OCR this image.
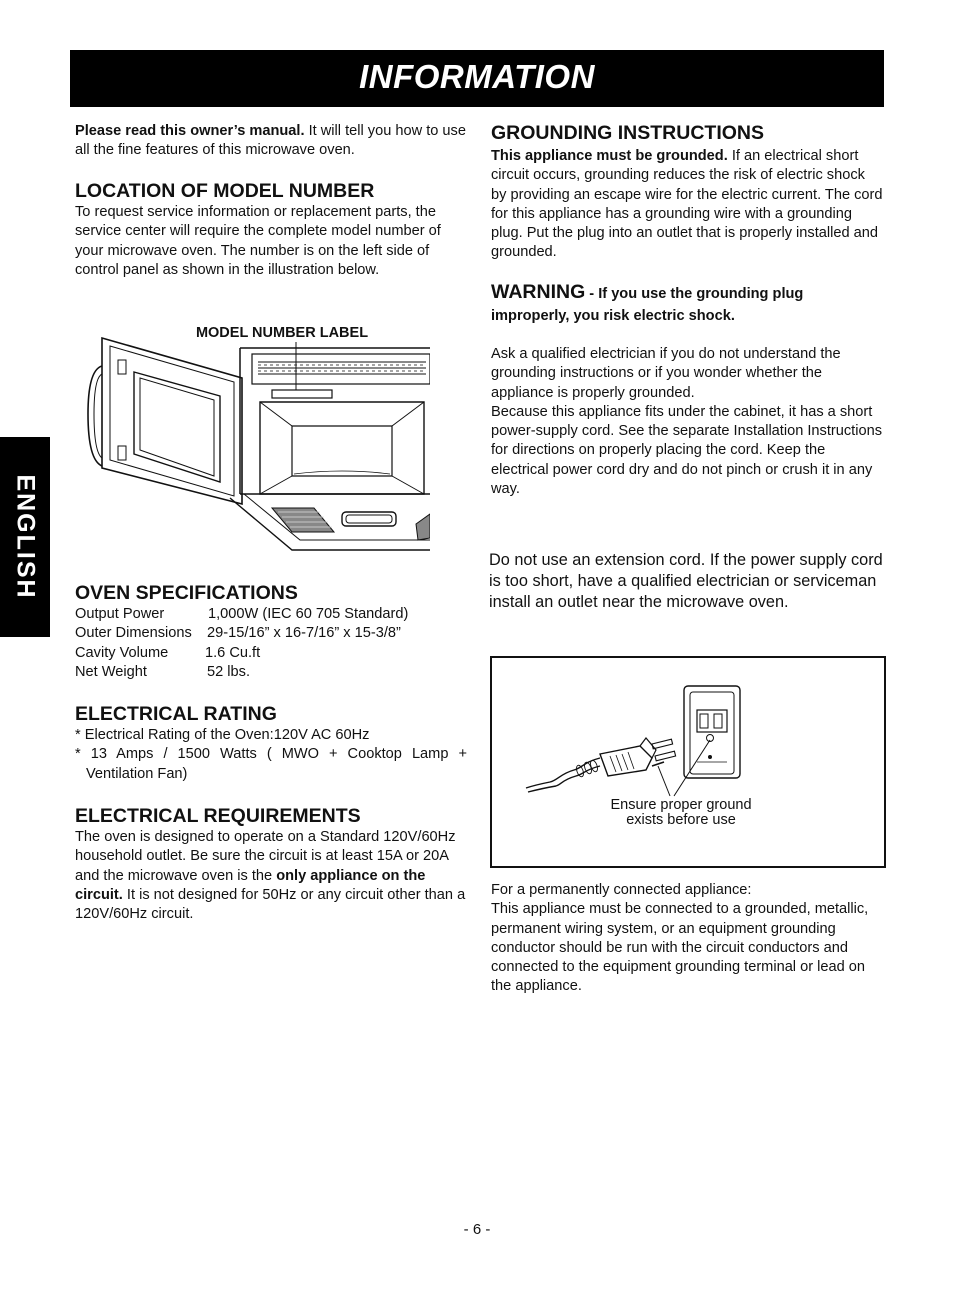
INFORMATION
ENGLISH

Please read this owner’s manual. It will tell you how to use all the fine features of this microwave oven.

LOCATION OF MODEL NUMBER

To request service information or replacement parts, the service center will require the complete model number of your microwave oven. The number is on the left side of control panel as shown in the illustration below.

MODEL NUMBER LABEL
OVEN SPECIFICATIONS
Output Power	1,000W (IEC 60 705 Standard)
Outer Dimensions	29-15/16” x 16-7/16” x 15-3/8”
Cavity Volume	1.6 Cu.ft
Net Weight	52 lbs.
ELECTRICAL RATING

* Electrical Rating of the Oven:120V AC 60Hz

* 13 Amps / 1500 Watts ( MWO + Cooktop Lamp + Ventilation Fan)

ELECTRICAL REQUIREMENTS

The oven is designed to operate on a Standard 120V/60Hz household outlet. Be sure the circuit is at least 15A or 20A and the microwave oven is the only appliance on the circuit. It is not designed for 50Hz or any circuit other than a 120V/60Hz circuit.

GROUNDING INSTRUCTIONS

This appliance must be grounded. If an electrical short circuit occurs, grounding reduces the risk of electric shock by providing an escape wire for the electric current. The cord for this appliance has a grounding wire with a grounding plug. Put the plug into an outlet that is properly installed and grounded.

WARNING - If you use the grounding plug improperly, you risk electric shock.

Ask a qualified electrician if you do not understand the grounding instructions or if you wonder whether the appliance is properly grounded.

Because this appliance fits under the cabinet, it has a short power-supply cord. See the separate Installation Instructions for directions on properly placing the cord. Keep the electrical power cord dry and do not pinch or crush it in any way.

Do not use an extension cord. If the power supply cord is too short, have a qualified electrician or serviceman install an outlet near the microwave oven.

Ensure proper ground
exists before use

For a permanently connected appliance:

This appliance must be connected to a grounded, metallic, permanent wiring system, or an equipment grounding conductor should be run with the circuit conductors and connected to the equipment grounding terminal or lead on the appliance.

- 6 -
